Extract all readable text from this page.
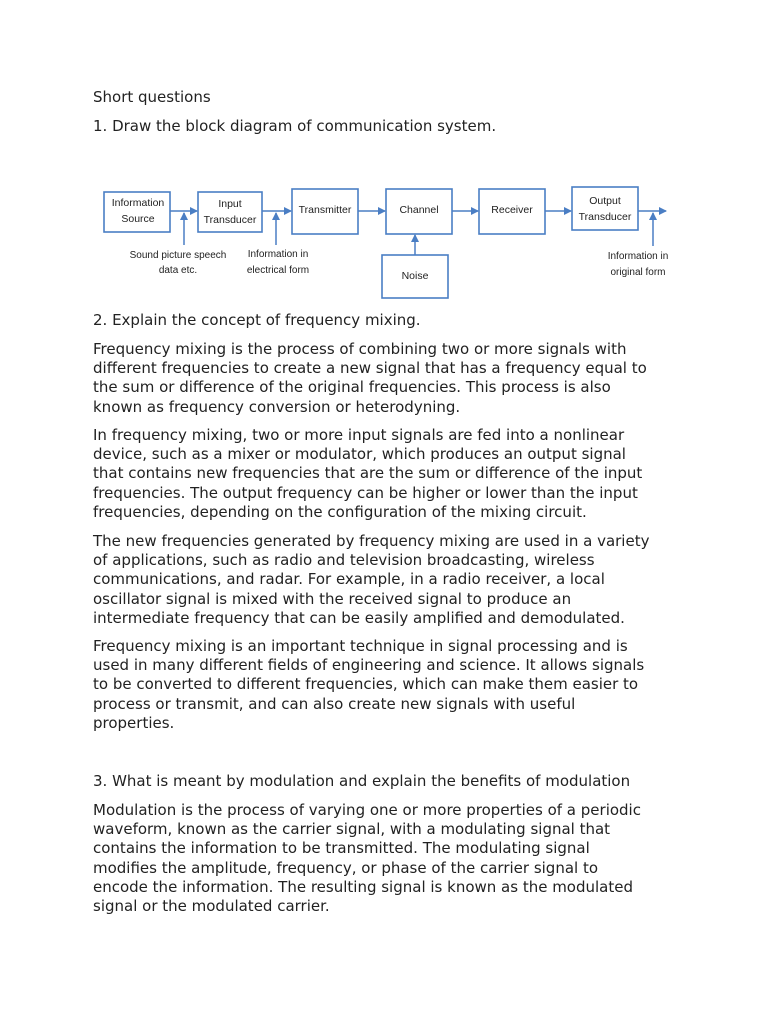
Short questions
1. Draw the block diagram of communication system.
Information
Source
Input
Transducer
Transmitter	Channel	Receiver
Output
Transducer
Noise
Sound picture speech
data etc.
Information in
electrical form
Information in
original form
2. Explain the concept of frequency mixing.
Frequency mixing is the process of combining two or more signals with
different frequencies to create a new signal that has a frequency equal to
the sum or difference of the original frequencies. This process is also
known as frequency conversion or heterodyning.
In frequency mixing, two or more input signals are fed into a nonlinear
device, such as a mixer or modulator, which produces an output signal
that contains new frequencies that are the sum or difference of the input
frequencies. The output frequency can be higher or lower than the input
frequencies, depending on the configuration of the mixing circuit.
The new frequencies generated by frequency mixing are used in a variety
of applications, such as radio and television broadcasting, wireless
communications, and radar. For example, in a radio receiver, a local
oscillator signal is mixed with the received signal to produce an
intermediate frequency that can be easily amplified and demodulated.
Frequency mixing is an important technique in signal processing and is
used in many different fields of engineering and science. It allows signals
to be converted to different frequencies, which can make them easier to
process or transmit, and can also create new signals with useful
properties.
3. What is meant by modulation and explain the benefits of modulation
Modulation is the process of varying one or more properties of a periodic
waveform, known as the carrier signal, with a modulating signal that
contains the information to be transmitted. The modulating signal
modifies the amplitude, frequency, or phase of the carrier signal to
encode the information. The resulting signal is known as the modulated
signal or the modulated carrier.
